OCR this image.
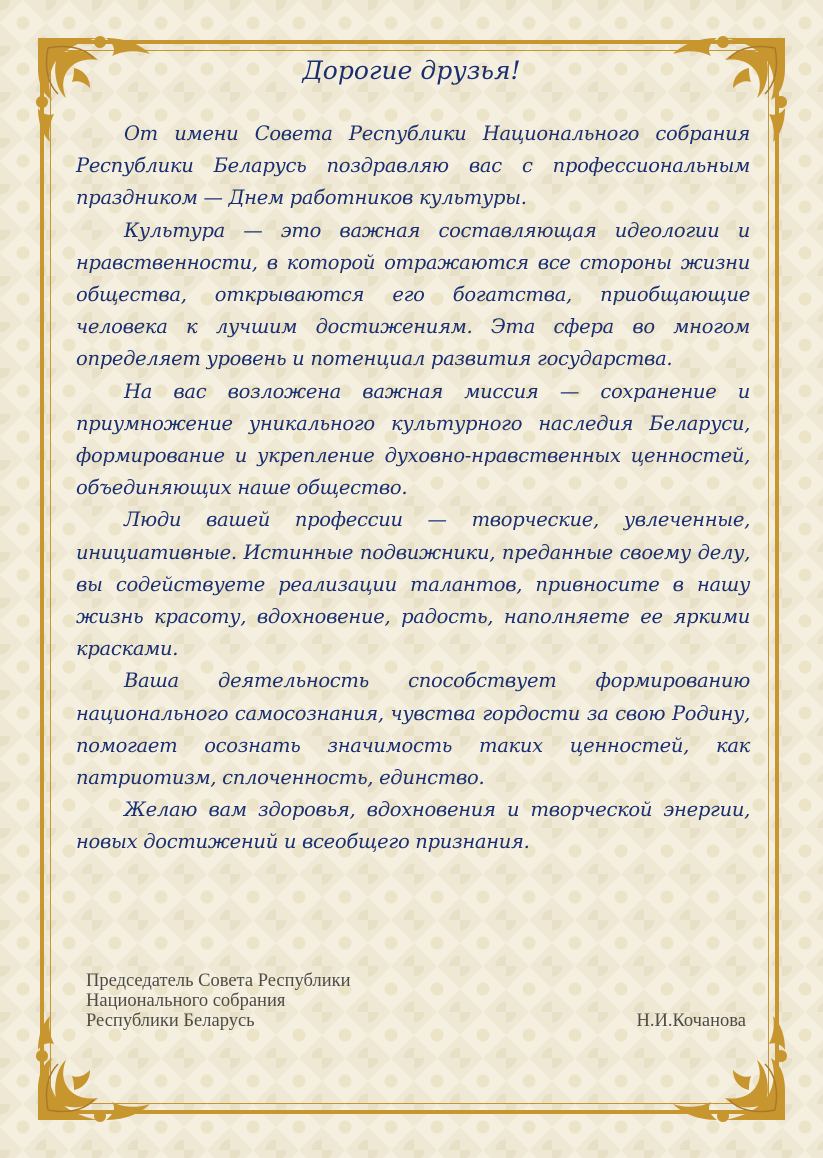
Дорогие друзья!

От имени Совета Республики Национального собрания Республики Беларусь поздравляю вас с профессиональным праздником — Днем работников культуры.

Культура — это важная составляющая идеологии и нравственности, в которой отражаются все стороны жизни общества, открываются его богатства, приобщающие человека к лучшим достижениям. Эта сфера во многом определяет уровень и потенциал развития государства.

На вас возложена важная миссия — сохранение и приумножение уникального культурного наследия Беларуси, формирование и укрепление духовно-нравственных ценностей, объединяющих наше общество.

Люди вашей профессии — творческие, увлеченные, инициативные. Истинные подвижники, преданные своему делу, вы содействуете реализации талантов, привносите в нашу жизнь красоту, вдохновение, радость, наполняете ее яркими красками.

Ваша деятельность способствует формированию национального самосознания, чувства гордости за свою Родину, помогает осознать значимость таких ценностей, как патриотизм, сплоченность, единство.

Желаю вам здоровья, вдохновения и творческой энергии, новых достижений и всеобщего признания.

Председатель Совета Республики
Национального собрания
Республики Беларусь	Н.И.Кочанова
